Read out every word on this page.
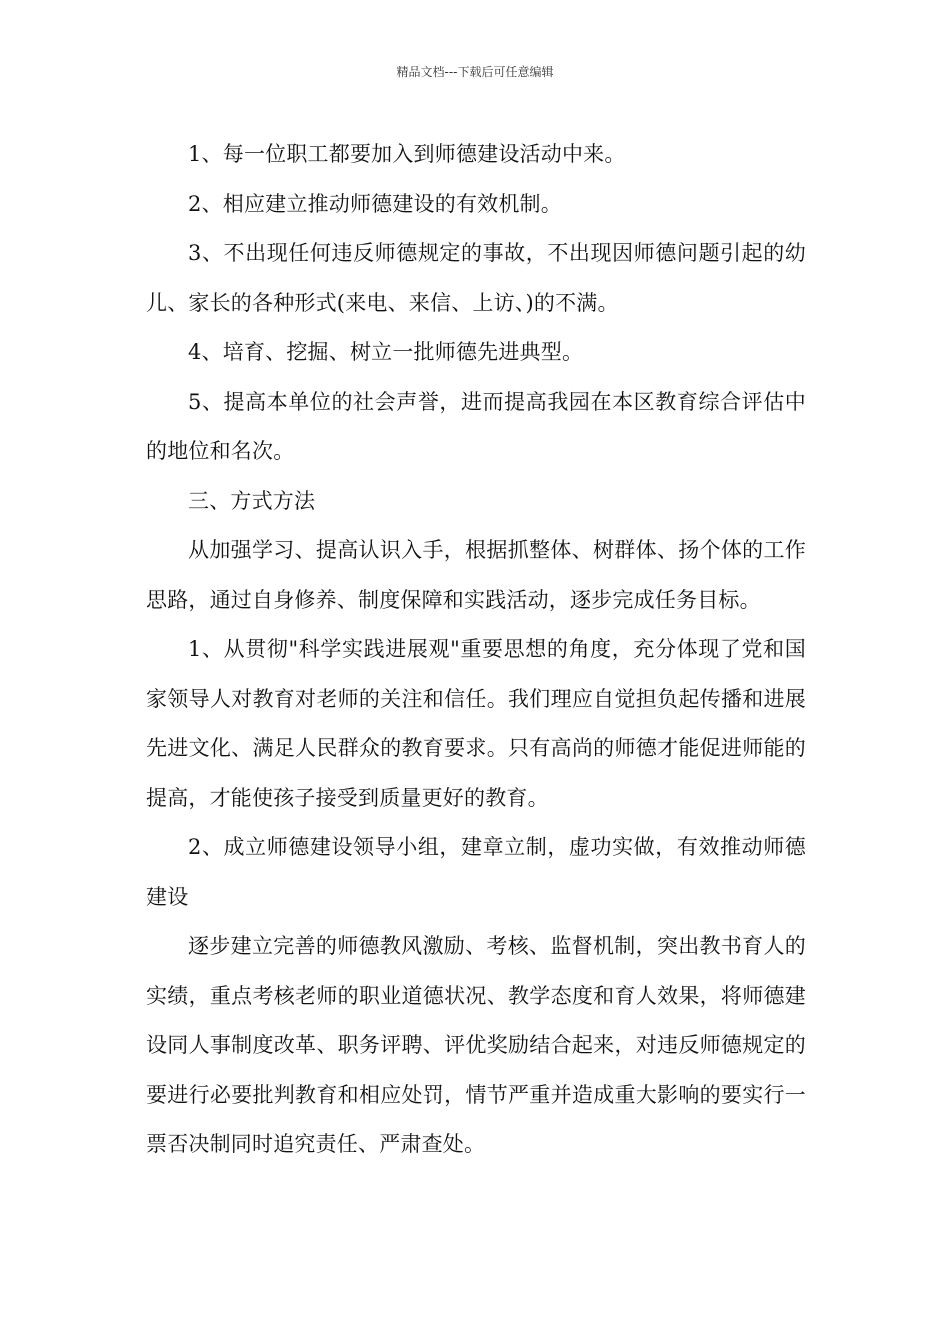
精品文档---下载后可任意编辑

1、每一位职工都要加入到师德建设活动中来。

2、相应建立推动师德建设的有效机制。

3、不出现任何违反师德规定的事故，不出现因师德问题引起的幼儿、家长的各种形式(来电、来信、上访、)的不满。

4、培育、挖掘、树立一批师德先进典型。

5、提高本单位的社会声誉，进而提高我园在本区教育综合评估中的地位和名次。

三、方式方法

从加强学习、提高认识入手，根据抓整体、树群体、扬个体的工作思路，通过自身修养、制度保障和实践活动，逐步完成任务目标。

1、从贯彻"科学实践进展观"重要思想的角度，充分体现了党和国家领导人对教育对老师的关注和信任。我们理应自觉担负起传播和进展先进文化、满足人民群众的教育要求。只有高尚的师德才能促进师能的提高，才能使孩子接受到质量更好的教育。

2、成立师德建设领导小组，建章立制，虚功实做，有效推动师德建设

逐步建立完善的师德教风激励、考核、监督机制，突出教书育人的实绩，重点考核老师的职业道德状况、教学态度和育人效果，将师德建设同人事制度改革、职务评聘、评优奖励结合起来，对违反师德规定的要进行必要批判教育和相应处罚，情节严重并造成重大影响的要实行一票否决制同时追究责任、严肃查处。
